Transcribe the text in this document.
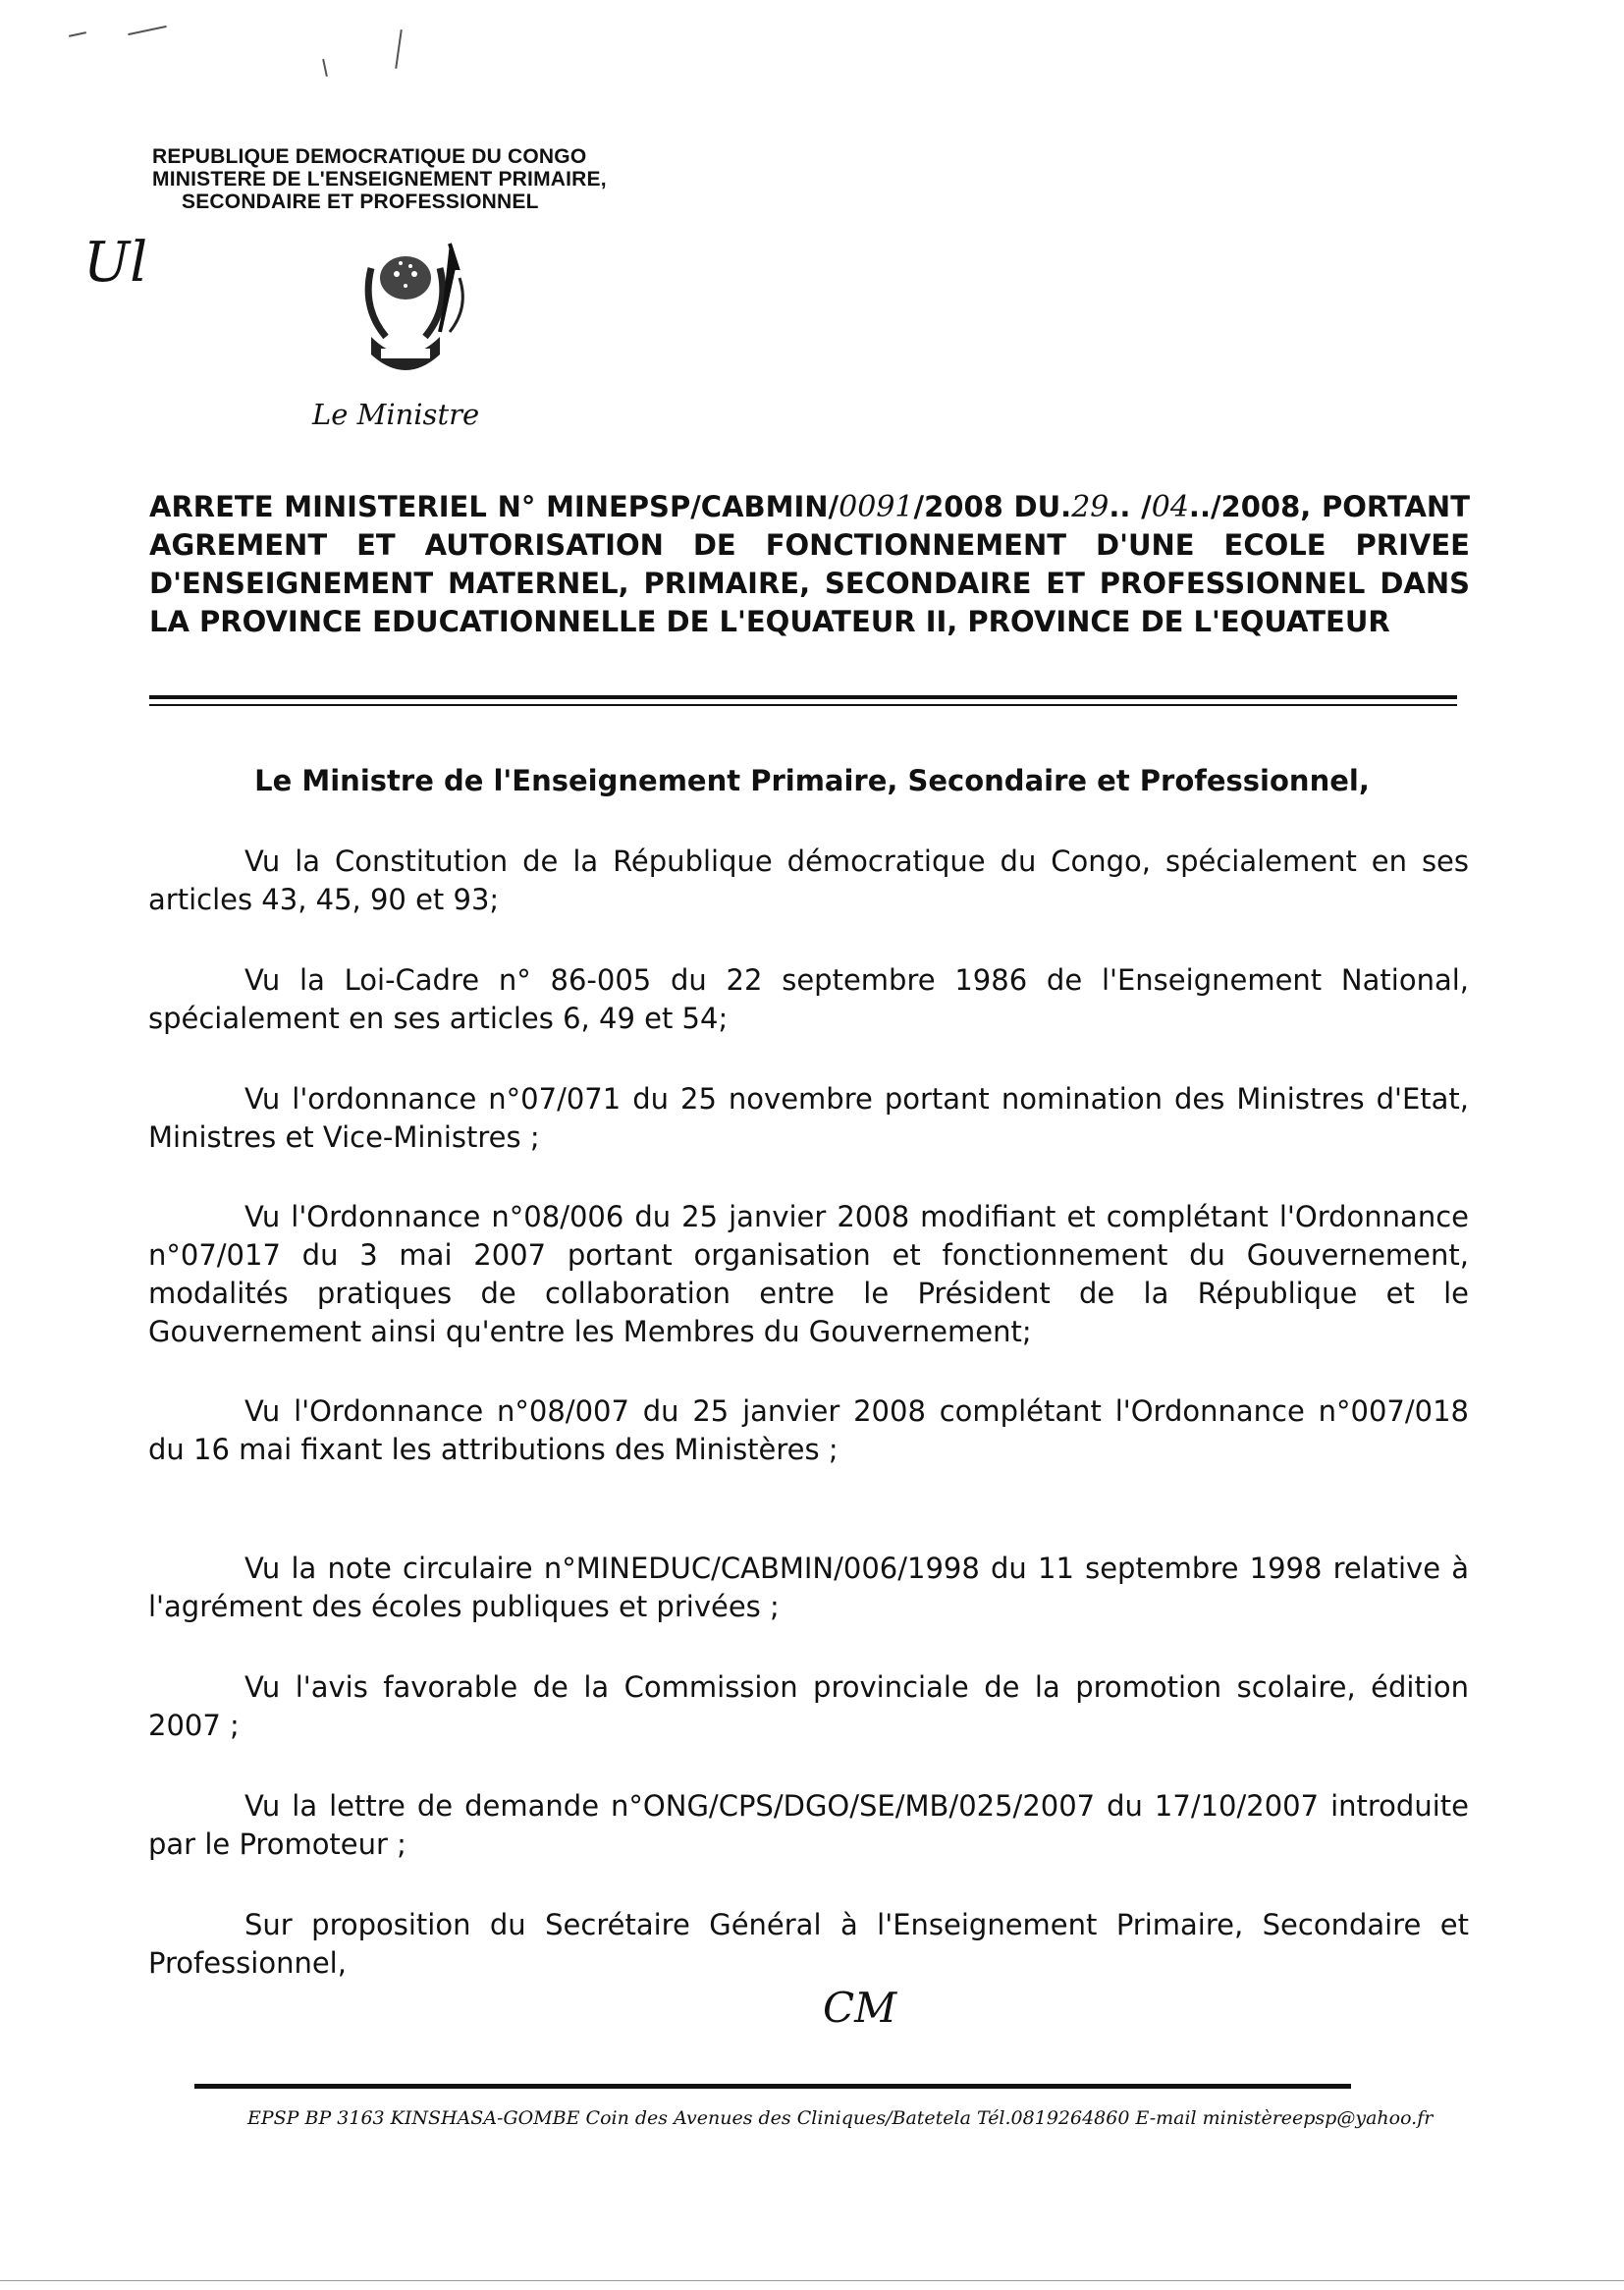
Ul
REPUBLIQUE DEMOCRATIQUE DU CONGO
MINISTERE DE L'ENSEIGNEMENT PRIMAIRE,
SECONDAIRE ET PROFESSIONNEL
Le Ministre
ARRETE MINISTERIEL N° MINEPSP/CABMIN/0091/2008 DU.29.. /04../2008, PORTANT AGREMENT ET AUTORISATION DE FONCTIONNEMENT D'UNE ECOLE PRIVEE D'ENSEIGNEMENT MATERNEL, PRIMAIRE, SECONDAIRE ET PROFESSIONNEL DANS LA PROVINCE EDUCATIONNELLE DE L'EQUATEUR II, PROVINCE DE L'EQUATEUR
Le Ministre de l'Enseignement Primaire, Secondaire et Professionnel,

Vu la Constitution de la République démocratique du Congo, spécialement en ses articles 43, 45, 90 et 93;

Vu la Loi-Cadre n° 86-005 du 22 septembre 1986 de l'Enseignement National, spécialement en ses articles 6, 49 et 54;

Vu l'ordonnance n°07/071 du 25 novembre portant nomination des Ministres d'Etat, Ministres et Vice-Ministres ;

Vu l'Ordonnance n°08/006 du 25 janvier 2008 modifiant et complétant l'Ordonnance n°07/017 du 3 mai 2007 portant organisation et fonctionnement du Gouvernement, modalités pratiques de collaboration entre le Président de la République et le Gouvernement ainsi qu'entre les Membres du Gouvernement;

Vu l'Ordonnance n°08/007 du 25 janvier 2008 complétant l'Ordonnance n°007/018 du 16 mai fixant les attributions des Ministères ;

Vu la note circulaire n°MINEDUC/CABMIN/006/1998 du 11 septembre 1998 relative à l'agrément des écoles publiques et privées ;

Vu l'avis favorable de la Commission provinciale de la promotion scolaire, édition 2007 ;

Vu la lettre de demande n°ONG/CPS/DGO/SE/MB/025/2007 du 17/10/2007 introduite par le Promoteur ;

Sur proposition du Secrétaire Général à l'Enseignement Primaire, Secondaire et Professionnel,

CM
EPSP BP 3163 KINSHASA-GOMBE Coin des Avenues des Cliniques/Batetela Tél.0819264860 E-mail ministèreepsp@yahoo.fr
